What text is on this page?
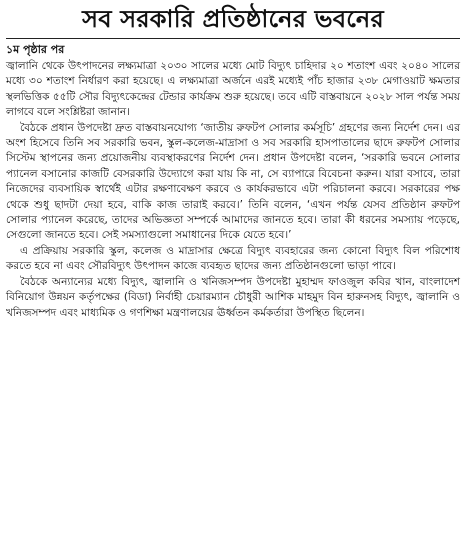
সব সরকারি প্রতিষ্ঠানের ভবনের
১ম পৃষ্ঠার পর

জ্বালানি থেকে উৎপাদনের লক্ষ্যমাত্রা ২০৩০ সালের মধ্যে মোট বিদ্যুৎ চাহিদার ২০ শতাংশ এবং ২০৪০ সালের মধ্যে ৩০ শতাংশ নির্ধারণ করা হয়েছে। এ লক্ষ্যমাত্রা অর্জনে এরই মধ্যেই পাঁচ হাজার ২৩৮ মেগাওয়াট ক্ষমতার স্থলভিত্তিক ৫৫টি সৌর বিদ্যুৎকেন্দ্রের টেন্ডার কার্যক্রম শুরু হয়েছে। তবে এটি বাস্তবায়নে ২০২৮ সাল পর্যন্ত সময় লাগবে বলে সংশ্লিষ্টরা জানান।

বৈঠকে প্রধান উপদেষ্টা দ্রুত বাস্তবায়নযোগ্য ‘জাতীয় রুফটপ সোলার কর্মসূচি’ গ্রহণের জন্য নির্দেশ দেন। এর অংশ হিসেবে তিনি সব সরকারি ভবন, স্কুল-কলেজ-মাদ্রাসা ও সব সরকারি হাসপাতালের ছাদে রুফটপ সোলার সিস্টেম স্থাপনের জন্য প্রয়োজনীয় ব্যবস্থাকরণের নির্দেশ দেন। প্রধান উপদেষ্টা বলেন, ‘সরকারি ভবনে সোলার প্যানেল বসানোর কাজটি বেসরকারি উদ্যোগে করা যায় কি না, সে ব্যাপারে বিবেচনা করুন। যারা বসাবে, তারা নিজেদের ব্যবসায়িক স্বার্থেই এটার রক্ষণাবেক্ষণ করবে ও কার্যকরভাবে এটা পরিচালনা করবে। সরকারের পক্ষ থেকে শুধু ছাদটা দেয়া হবে, বাকি কাজ তারাই করবে।’ তিনি বলেন, ‘এখন পর্যন্ত যেসব প্রতিষ্ঠান রুফটপ সোলার প্যানেল করেছে, তাদের অভিজ্ঞতা সম্পর্কে আমাদের জানতে হবে। তারা কী ধরনের সমস্যায় পড়েছে, সেগুলো জানতে হবে। সেই সমস্যাগুলো সমাধানের দিকে যেতে হবে।’

এ প্রক্রিয়ায় সরকারি স্কুল, কলেজ ও মাদ্রাসার ক্ষেত্রে বিদ্যুৎ ব্যবহারের জন্য কোনো বিদ্যুৎ বিল পরিশোধ করতে হবে না এবং সৌরবিদ্যুৎ উৎপাদন কাজে ব্যবহৃত ছাদের জন্য প্রতিষ্ঠানগুলো ভাড়া পাবে।

বৈঠকে অন্যান্যের মধ্যে বিদ্যুৎ, জ্বালানি ও খনিজসম্পদ উপদেষ্টা মুহাম্মদ ফাওজুল কবির খান, বাংলাদেশ বিনিয়োগ উন্নয়ন কর্তৃপক্ষের (বিডা) নির্বাহী চেয়ারম্যান চৌধুরী আশিক মাহমুদ বিন হারুনসহ বিদ্যুৎ, জ্বালানি ও খনিজসম্পদ এবং মাধ্যমিক ও গণশিক্ষা মন্ত্রণালয়ের ঊর্ধ্বতন কর্মকর্তারা উপস্থিত ছিলেন।
